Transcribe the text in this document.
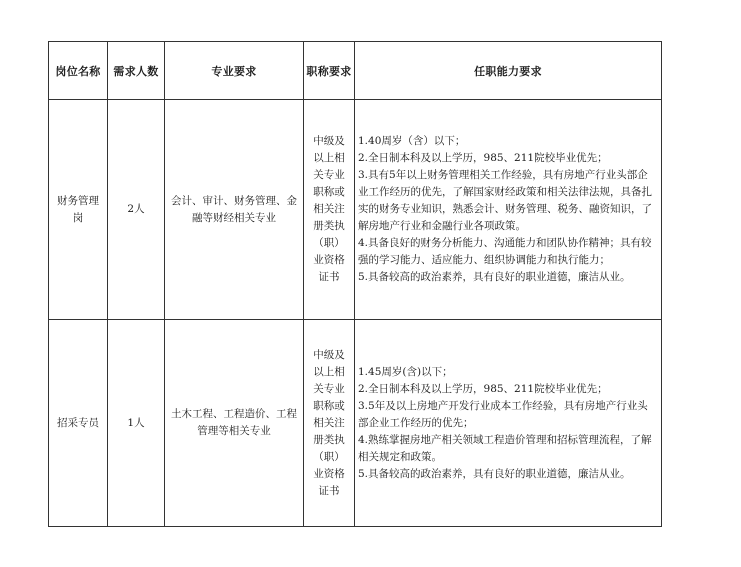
岗位名称	需求人数	专业要求	职称要求	任职能力要求
财务管理岗	2人	会计、审计、财务管理、金融等财经相关专业	中级及以上相关专业职称或相关注册类执（职）业资格证书	1.40周岁（含）以下；
2.全日制本科及以上学历，985、211院校毕业优先；
3.具有5年以上财务管理相关工作经验，具有房地产行业头部企业工作经历的优先，了解国家财经政策和相关法律法规，具备扎实的财务专业知识，熟悉会计、财务管理、税务、融资知识，了解房地产行业和金融行业各项政策。
4.具备良好的财务分析能力、沟通能力和团队协作精神；具有较强的学习能力、适应能力、组织协调能力和执行能力；
5.具备较高的政治素养，具有良好的职业道德，廉洁从业。

招采专员	1人	土木工程、工程造价、工程管理等相关专业	中级及以上相关专业职称或相关注册类执（职）业资格证书	1.45周岁(含)以下；
2.全日制本科及以上学历，985、211院校毕业优先；
3.5年及以上房地产开发行业成本工作经验，具有房地产行业头部企业工作经历的优先；
4.熟练掌握房地产相关领域工程造价管理和招标管理流程，了解相关规定和政策。
5.具备较高的政治素养，具有良好的职业道德，廉洁从业。
